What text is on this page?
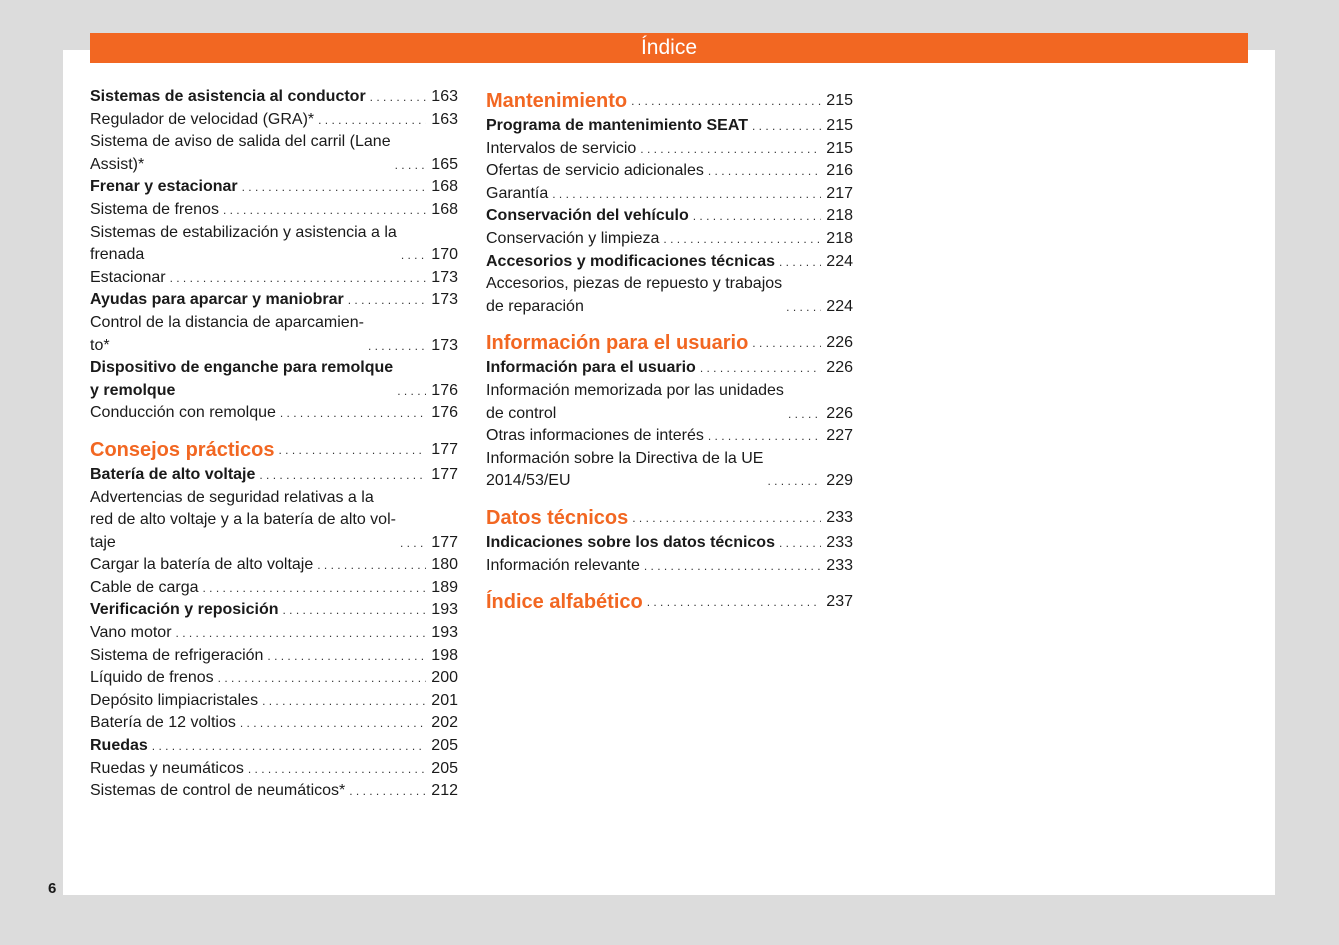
Índice
Sistemas de asistencia al conductor . . .	163
Regulador de velocidad (GRA)* . . .	163
Sistema de aviso de salida del carril (Lane
Assist)* . . .	165
Frenar y estacionar . . .	168
Sistema de frenos . . .	168
Sistemas de estabilización y asistencia a la
frenada . . .	170
Estacionar . . .	173
Ayudas para aparcar y maniobrar . . .	173
Control de la distancia de aparcamien-
to* . . .	173
Dispositivo de enganche para remolque
y remolque . . .	176
Conducción con remolque . . .	176
Consejos prácticos . . .	177
Batería de alto voltaje . . .	177
Advertencias de seguridad relativas a la
red de alto voltaje y a la batería de alto vol-
taje . . .	177
Cargar la batería de alto voltaje . . .	180
Cable de carga . . .	189
Verificación y reposición . . .	193
Vano motor . . .	193
Sistema de refrigeración . . .	198
Líquido de frenos . . .	200
Depósito limpiacristales . . .	201
Batería de 12 voltios . . .	202
Ruedas . . .	205
Ruedas y neumáticos . . .	205
Sistemas de control de neumáticos* . . .	212
Mantenimiento . . .	215
Programa de mantenimiento SEAT . . .	215
Intervalos de servicio . . .	215
Ofertas de servicio adicionales . . .	216
Garantía . . .	217
Conservación del vehículo . . .	218
Conservación y limpieza . . .	218
Accesorios y modificaciones técnicas . . .	224
Accesorios, piezas de repuesto y trabajos
de reparación . . .	224
Información para el usuario . . .	226
Información para el usuario . . .	226
Información memorizada por las unidades
de control . . .	226
Otras informaciones de interés . . .	227
Información sobre la Directiva de la UE
2014/53/EU . . .	229
Datos técnicos . . .	233
Indicaciones sobre los datos técnicos . . .	233
Información relevante . . .	233
Índice alfabético . . .	237
6
